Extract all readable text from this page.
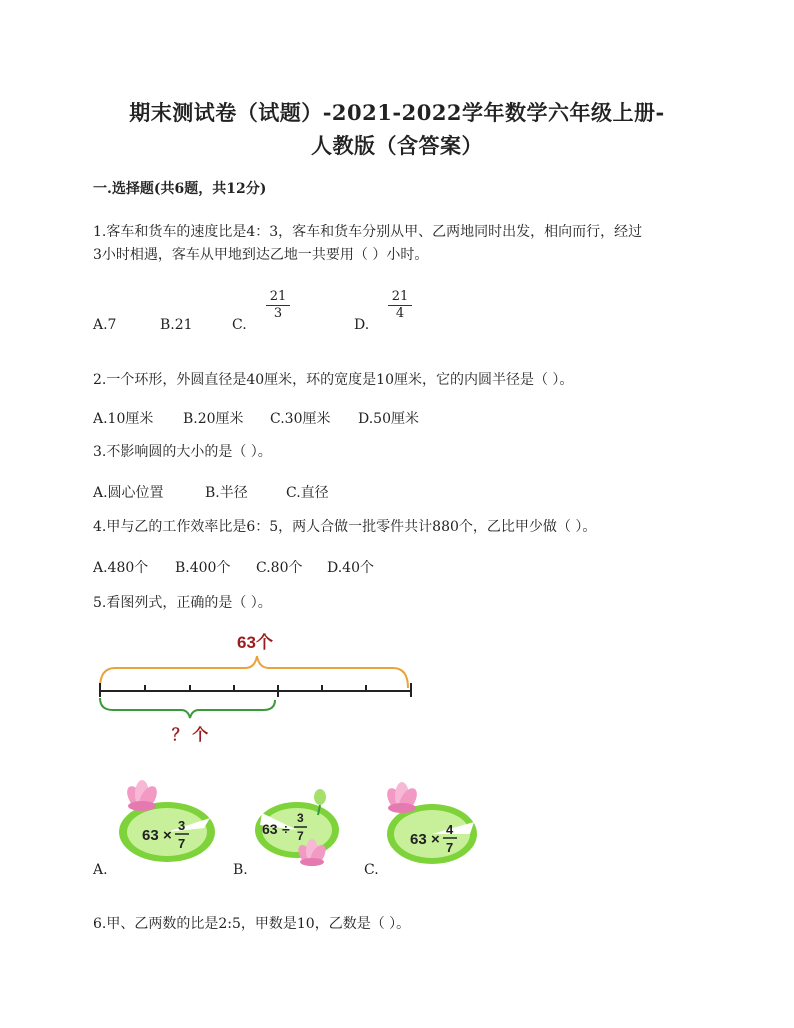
期末测试卷（试题）-2021-2022学年数学六年级上册-
人教版（含答案）
一.选择题(共6题，共12分)
1.客车和货车的速度比是4：3，客车和货车分别从甲、乙两地同时出发，相向而行，经过
3小时相遇，客车从甲地到达乙地一共要用（ ）小时。
A.7	B.21	C.
$\frac{21}{3}$
D.
$\frac{21}{4}$
2.一个环形，外圆直径是40厘米，环的宽度是10厘米，它的内圆半径是（ ）。
A.10厘米 B.20厘米 C.30厘米 D.50厘米
3.不影响圆的大小的是（ ）。
A.圆心位置	B.半径	C.直径
4.甲与乙的工作效率比是6：5，两人合做一批零件共计880个，乙比甲少做（ ）。
A.480个 B.400个 C.80个 D.40个
5.看图列式，正确的是（ ）。
63个
？ 个
63 ×
3
7
A.
63 ÷
3
7
B.
63 ×
4
7
C.
6.甲、乙两数的比是2:5，甲数是10，乙数是（ ）。
